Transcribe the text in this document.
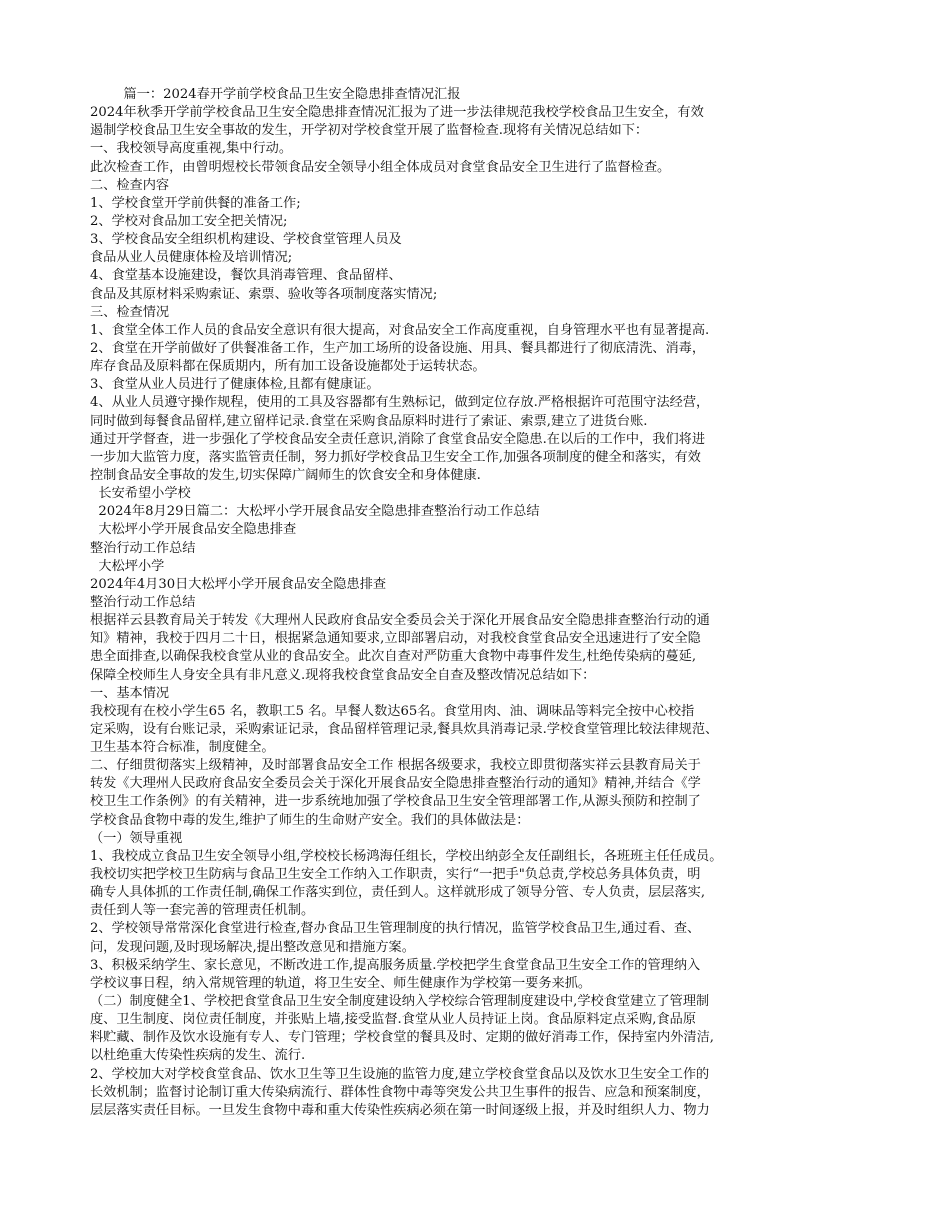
篇一：2024春开学前学校食品卫生安全隐患排查情况汇报
2024年秋季开学前学校食品卫生安全隐患排查情况汇报为了进一步法律规范我校学校食品卫生安全，有效
遏制学校食品卫生安全事故的发生，开学初对学校食堂开展了监督检查.现将有关情况总结如下：
一、我校领导高度重视,集中行动。
此次检查工作，由曾明煜校长带领食品安全领导小组全体成员对食堂食品安全卫生进行了监督检查。
二、检查内容
1、学校食堂开学前供餐的准备工作;
2、学校对食品加工安全把关情况;
3、学校食品安全组织机构建设、学校食堂管理人员及
食品从业人员健康体检及培训情况;
4、食堂基本设施建设，餐饮具消毒管理、食品留样、
食品及其原材料采购索证、索票、验收等各项制度落实情况;
三、检查情况
1、食堂全体工作人员的食品安全意识有很大提高，对食品安全工作高度重视，自身管理水平也有显著提高.
2、食堂在开学前做好了供餐准备工作，生产加工场所的设备设施、用具、餐具都进行了彻底清洗、消毒，
库存食品及原料都在保质期内，所有加工设备设施都处于运转状态。
3、食堂从业人员进行了健康体检,且都有健康证。
4、从业人员遵守操作规程，使用的工具及容器都有生熟标记，做到定位存放.严格根据许可范围守法经营，
同时做到每餐食品留样,建立留样记录.食堂在采购食品原料时进行了索证、索票,建立了进货台账.
通过开学督查，进一步强化了学校食品安全责任意识,消除了食堂食品安全隐患.在以后的工作中，我们将进
一步加大监管力度，落实监管责任制，努力抓好学校食品卫生安全工作,加强各项制度的健全和落实，有效
控制食品安全事故的发生,切实保障广阔师生的饮食安全和身体健康.
长安希望小学校
2024年8月29日篇二：大松坪小学开展食品安全隐患排查整治行动工作总结
大松坪小学开展食品安全隐患排查
整治行动工作总结
大松坪小学
2024年4月30日大松坪小学开展食品安全隐患排查
整治行动工作总结
根据祥云县教育局关于转发《大理州人民政府食品安全委员会关于深化开展食品安全隐患排查整治行动的通
知》精神，我校于四月二十日，根据紧急通知要求,立即部署启动，对我校食堂食品安全迅速进行了安全隐
患全面排查,以确保我校食堂从业的食品安全。此次自查对严防重大食物中毒事件发生,杜绝传染病的蔓延,
保障全校师生人身安全具有非凡意义.现将我校食堂食品安全自查及整改情况总结如下：
一、基本情况
我校现有在校小学生65 名，教职工5 名。早餐人数达65名。食堂用肉、油、调味品等料完全按中心校指
定采购，设有台账记录，采购索证记录，食品留样管理记录,餐具炊具消毒记录.学校食堂管理比较法律规范、
卫生基本符合标准，制度健全。
二、仔细贯彻落实上级精神，及时部署食品安全工作 根据各级要求，我校立即贯彻落实祥云县教育局关于
转发《大理州人民政府食品安全委员会关于深化开展食品安全隐患排查整治行动的通知》精神,并结合《学
校卫生工作条例》的有关精神，进一步系统地加强了学校食品卫生安全管理部署工作,从源头预防和控制了
学校食品食物中毒的发生,维护了师生的生命财产安全。我们的具体做法是：
（一）领导重视
1、我校成立食品卫生安全领导小组,学校校长杨鸿海任组长，学校出纳彭全友任副组长，各班班主任任成员。
我校切实把学校卫生防病与食品卫生安全工作纳入工作职责，实行“一把手"负总责,学校总务具体负责，明
确专人具体抓的工作责任制,确保工作落实到位，责任到人。这样就形成了领导分管、专人负责，层层落实,
责任到人等一套完善的管理责任机制。
2、学校领导常常深化食堂进行检查,督办食品卫生管理制度的执行情况，监管学校食品卫生,通过看、查、
问，发现问题,及时现场解决,提出整改意见和措施方案。
3、积极采纳学生、家长意见，不断改进工作,提高服务质量.学校把学生食堂食品卫生安全工作的管理纳入
学校议事日程，纳入常规管理的轨道，将卫生安全、师生健康作为学校第一要务来抓。
（二）制度健全1、学校把食堂食品卫生安全制度建设纳入学校综合管理制度建设中,学校食堂建立了管理制
度、卫生制度、岗位责任制度，并张贴上墙,接受监督.食堂从业人员持证上岗。食品原料定点采购,食品原
料贮藏、制作及饮水设施有专人、专门管理；学校食堂的餐具及时、定期的做好消毒工作，保持室内外清洁,
以杜绝重大传染性疾病的发生、流行.
2、学校加大对学校食堂食品、饮水卫生等卫生设施的监管力度,建立学校食堂食品以及饮水卫生安全工作的
长效机制；监督讨论制订重大传染病流行、群体性食物中毒等突发公共卫生事件的报告、应急和预案制度，
层层落实责任目标。一旦发生食物中毒和重大传染性疾病必须在第一时间逐级上报，并及时组织人力、物力
